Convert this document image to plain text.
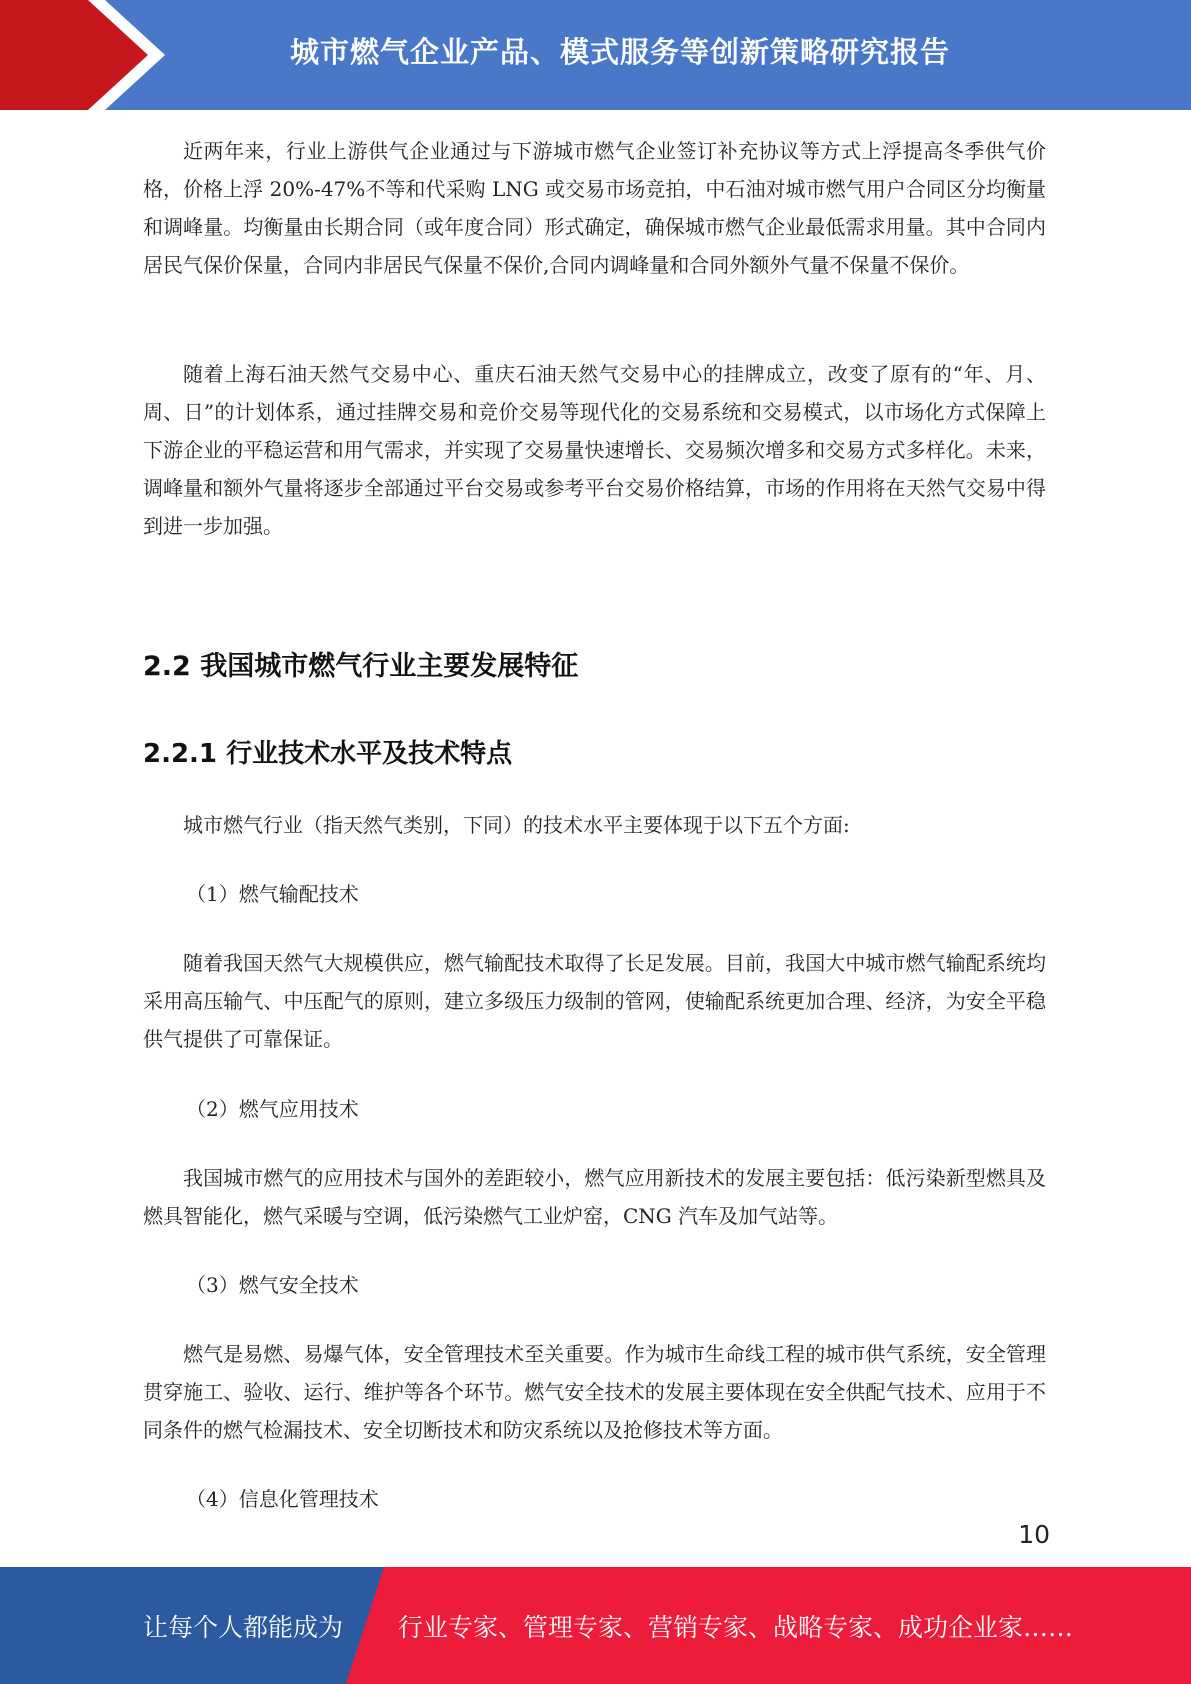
城市燃气企业产品、模式服务等创新策略研究报告

近两年来，行业上游供气企业通过与下游城市燃气企业签订补充协议等方式上浮提高冬季供气价格，价格上浮 20%-47%不等和代采购 LNG 或交易市场竞拍，中石油对城市燃气用户合同区分均衡量和调峰量。均衡量由长期合同（或年度合同）形式确定，确保城市燃气企业最低需求用量。其中合同内居民气保价保量，合同内非居民气保量不保价,合同内调峰量和合同外额外气量不保量不保价。

随着上海石油天然气交易中心、重庆石油天然气交易中心的挂牌成立，改变了原有的“年、月、周、日”的计划体系，通过挂牌交易和竞价交易等现代化的交易系统和交易模式，以市场化方式保障上下游企业的平稳运营和用气需求，并实现了交易量快速增长、交易频次增多和交易方式多样化。未来，调峰量和额外气量将逐步全部通过平台交易或参考平台交易价格结算，市场的作用将在天然气交易中得到进一步加强。

2.2 我国城市燃气行业主要发展特征
2.2.1 行业技术水平及技术特点

城市燃气行业（指天然气类别，下同）的技术水平主要体现于以下五个方面:

（1）燃气输配技术

随着我国天然气大规模供应，燃气输配技术取得了长足发展。目前，我国大中城市燃气输配系统均采用高压输气、中压配气的原则，建立多级压力级制的管网，使输配系统更加合理、经济，为安全平稳供气提供了可靠保证。

（2）燃气应用技术

我国城市燃气的应用技术与国外的差距较小，燃气应用新技术的发展主要包括：低污染新型燃具及燃具智能化，燃气采暖与空调，低污染燃气工业炉窑，CNG 汽车及加气站等。

（3）燃气安全技术

燃气是易燃、易爆气体，安全管理技术至关重要。作为城市生命线工程的城市供气系统，安全管理贯穿施工、验收、运行、维护等各个环节。燃气安全技术的发展主要体现在安全供配气技术、应用于不同条件的燃气检漏技术、安全切断技术和防灾系统以及抢修技术等方面。

（4）信息化管理技术

10
让每个人都能成为 行业专家、管理专家、营销专家、战略专家、成功企业家……
